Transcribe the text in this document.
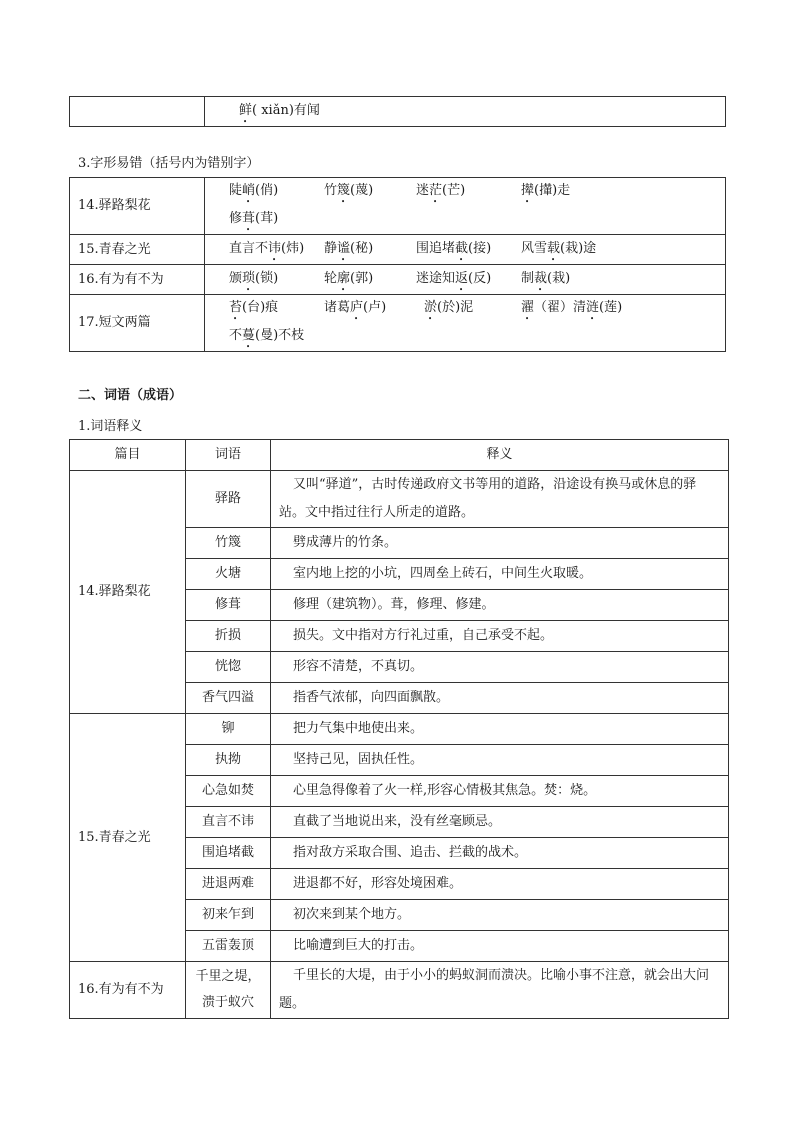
	鲜( xiǎn)有闻
3.字形易错（括号内为错别字）
14.驿路梨花	陡峭(俏) 竹篾(蔑) 迷茫(芒) 撵(攆)走
修葺(茸)
15.青春之光	直言不讳(炜) 静谧(秘) 围追堵截(接) 风雪载(栽)途
16.有为有不为	颁琐(锁) 轮廓(郭) 迷途知返(反) 制裁(栽)
17.短文两篇	苔(台)痕 诸葛庐(卢) 淤(於)泥 濯（翟）清涟(莲)
不蔓(曼)不枝
二、词语（成语）
1.词语释义
篇目	词语	释义
14.驿路梨花	驿路	又叫“驿道”，古时传递政府文书等用的道路，沿途设有换马或休息的驿站。文中指过往行人所走的道路。
	竹篾	劈成薄片的竹条。
	火塘	室内地上挖的小坑，四周垒上砖石，中间生火取暖。
	修葺	修理（建筑物）。葺，修理、修建。
	折损	损失。文中指对方行礼过重，自己承受不起。
	恍惚	形容不清楚，不真切。
	香气四溢	指香气浓郁，向四面飘散。
15.青春之光	铆	把力气集中地使出来。
	执拗	坚持己见，固执任性。
	心急如焚	心里急得像着了火一样,形容心情极其焦急。焚：烧。
	直言不讳	直截了当地说出来，没有丝毫顾忌。
	围追堵截	指对敌方采取合围、追击、拦截的战术。
	进退两难	进退都不好，形容处境困难。
	初来乍到	初次来到某个地方。
	五雷轰顶	比喻遭到巨大的打击。
16.有为有不为	千里之堤，溃于蚁穴	千里长的大堤，由于小小的蚂蚁洞而溃决。比喻小事不注意，就会出大问题。
